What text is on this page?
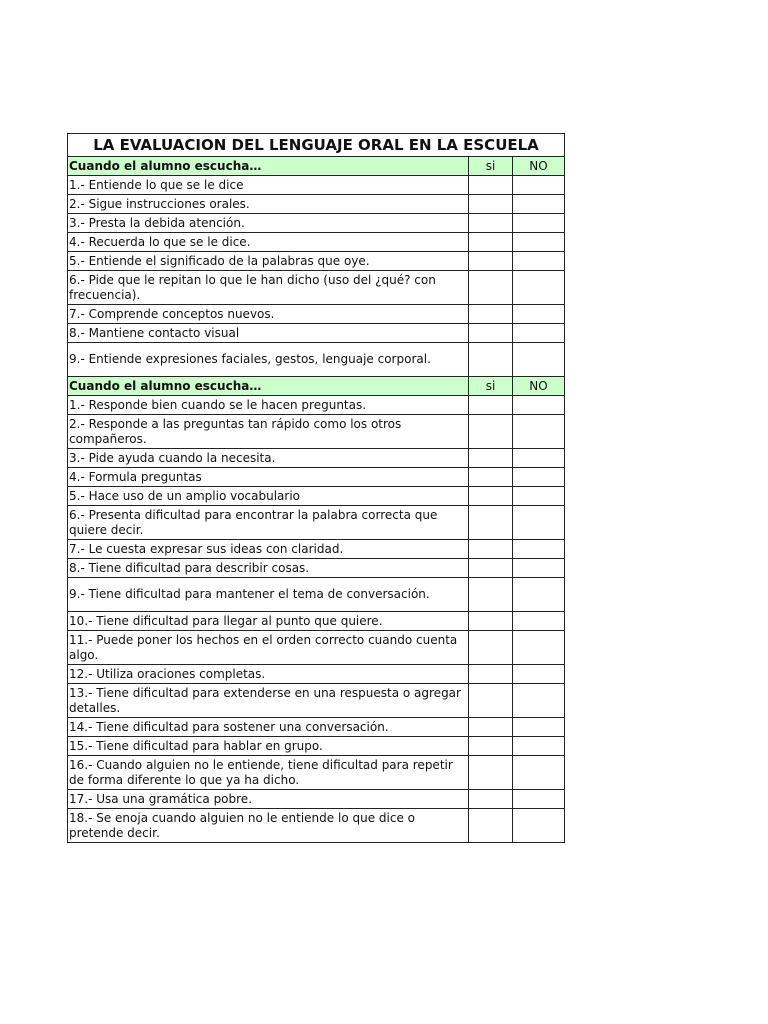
LA EVALUACION DEL LENGUAJE ORAL EN LA ESCUELA		
Cuando el alumno escucha…	si	NO
1.- Entiende lo que se le dice		
2.- Sigue instrucciones orales.		
3.- Presta la debida atención.		
4.- Recuerda lo que se le dice.		
5.- Entiende el significado de la palabras que oye.		
6.- Pide que le repitan lo que le han dicho (uso del ¿qué? con frecuencia).		
7.- Comprende conceptos nuevos.		
8.- Mantiene contacto visual		
9.- Entiende expresiones faciales, gestos, lenguaje corporal.		
Cuando el alumno escucha…	si	NO
1.- Responde bien cuando se le hacen preguntas.		
2.- Responde a las preguntas tan rápido como los otros compañeros.		
3.- Pide ayuda cuando la necesita.		
4.- Formula preguntas		
5.- Hace uso de un amplio vocabulario		
6.- Presenta dificultad para encontrar la palabra correcta que quiere decir.		
7.- Le cuesta expresar sus ideas con claridad.		
8.- Tiene dificultad para describir cosas.		
9.- Tiene dificultad para mantener el tema de conversación.		
10.- Tiene dificultad para llegar al punto que quiere.		
11.- Puede poner los hechos en el orden correcto cuando cuenta algo.		
12.- Utiliza oraciones completas.		
13.- Tiene dificultad para extenderse en una respuesta o agregar detalles.		
14.- Tiene dificultad para sostener una conversación.		
15.- Tiene dificultad para hablar en grupo.		
16.- Cuando alguien no le entiende, tiene dificultad para repetir de forma diferente lo que ya ha dicho.		
17.- Usa una gramática pobre.		
18.- Se enoja cuando alguien no le entiende lo que dice o pretende decir.		
